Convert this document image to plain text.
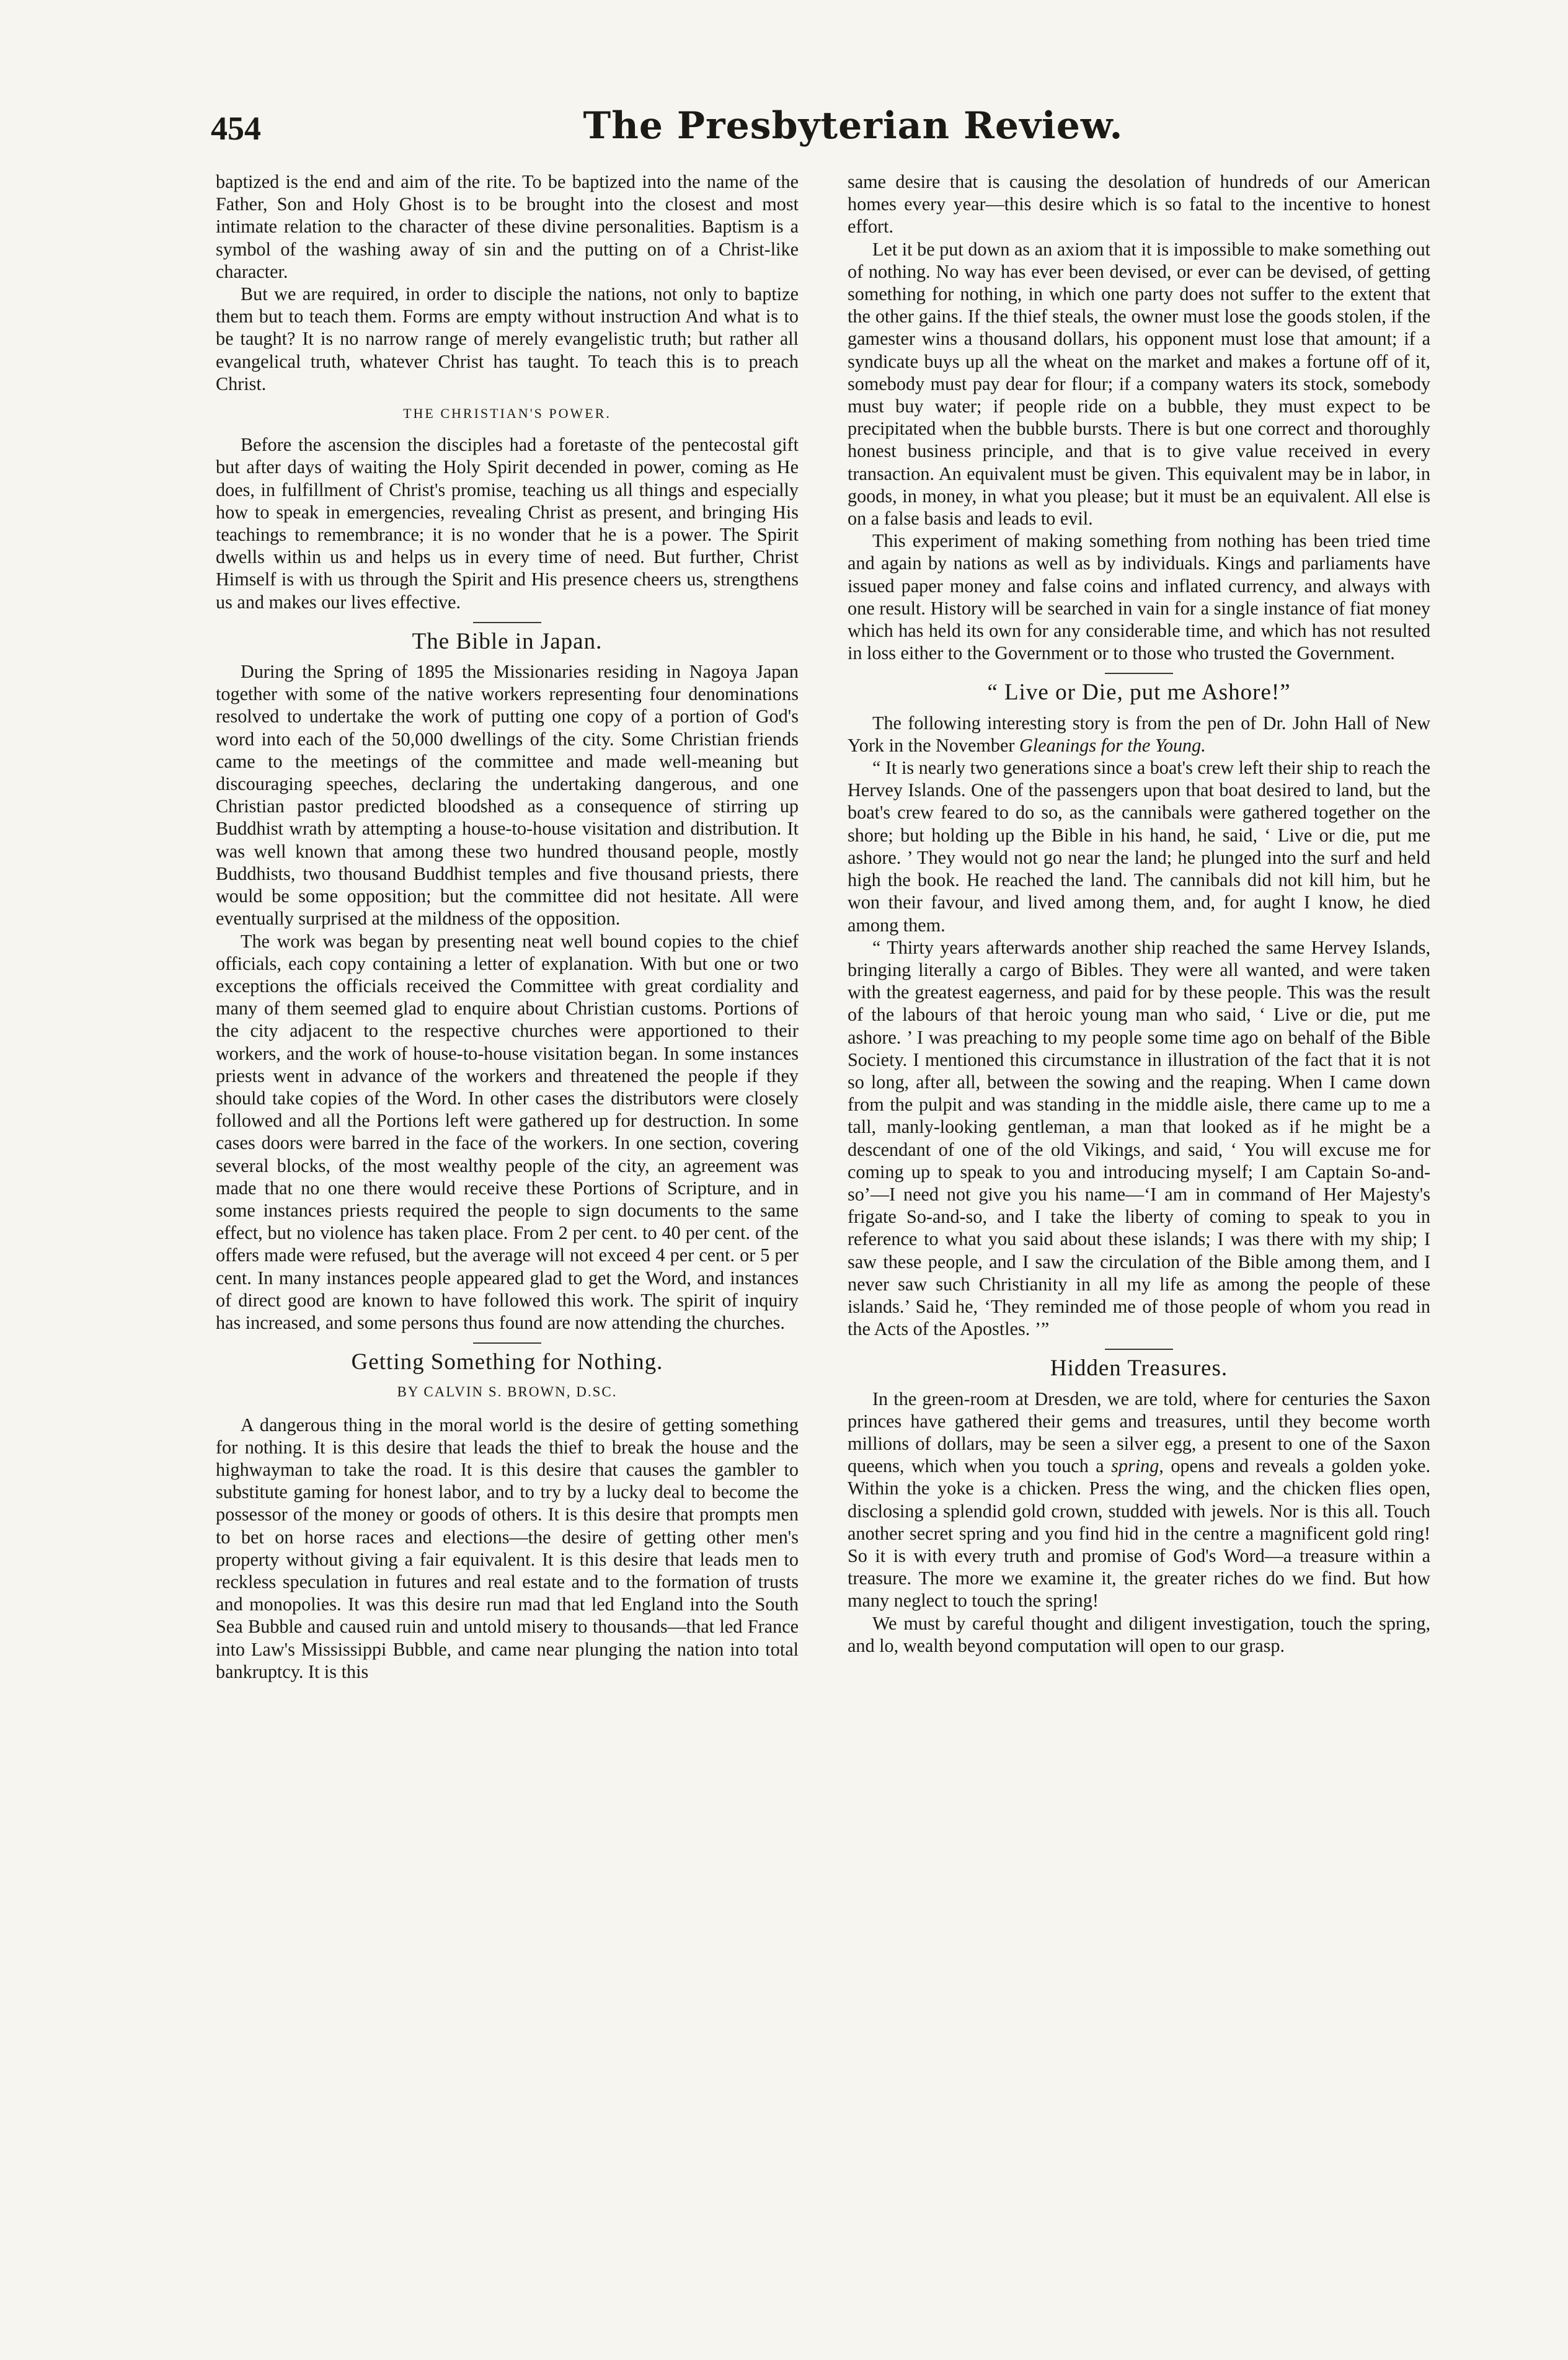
454	The Presbyterian Review.

baptized is the end and aim of the rite. To be baptized into the name of the Father, Son and Holy Ghost is to be brought into the closest and most intimate relation to the character of these divine personalities. Baptism is a symbol of the washing away of sin and the putting on of a Christ-like character.

But we are required, in order to disciple the nations, not only to baptize them but to teach them. Forms are empty without instruction And what is to be taught? It is no narrow range of merely evangelistic truth; but rather all evangelical truth, whatever Christ has taught. To teach this is to preach Christ.

THE CHRISTIAN'S POWER.

Before the ascension the disciples had a foretaste of the pentecostal gift but after days of waiting the Holy Spirit decended in power, coming as He does, in fulfillment of Christ's promise, teaching us all things and especially how to speak in emergencies, revealing Christ as present, and bringing His teachings to remembrance; it is no wonder that he is a power. The Spirit dwells within us and helps us in every time of need. But further, Christ Himself is with us through the Spirit and His presence cheers us, strengthens us and makes our lives effective.

The Bible in Japan.

During the Spring of 1895 the Missionaries residing in Nagoya Japan together with some of the native workers representing four denominations resolved to undertake the work of putting one copy of a portion of God's word into each of the 50,000 dwellings of the city. Some Christian friends came to the meetings of the committee and made well-meaning but discouraging speeches, declaring the undertaking dangerous, and one Christian pastor predicted bloodshed as a consequence of stirring up Buddhist wrath by attempting a house-to-house visitation and distribution. It was well known that among these two hundred thousand people, mostly Buddhists, two thousand Buddhist temples and five thousand priests, there would be some opposition; but the committee did not hesitate. All were eventually surprised at the mildness of the opposition.

The work was began by presenting neat well bound copies to the chief officials, each copy containing a letter of explanation. With but one or two exceptions the officials received the Committee with great cordiality and many of them seemed glad to enquire about Christian customs. Portions of the city adjacent to the respective churches were apportioned to their workers, and the work of house-to-house visitation began. In some instances priests went in advance of the workers and threatened the people if they should take copies of the Word. In other cases the distributors were closely followed and all the Portions left were gathered up for destruction. In some cases doors were barred in the face of the workers. In one section, covering several blocks, of the most wealthy people of the city, an agreement was made that no one there would receive these Portions of Scripture, and in some instances priests required the people to sign documents to the same effect, but no violence has taken place. From 2 per cent. to 40 per cent. of the offers made were refused, but the average will not exceed 4 per cent. or 5 per cent. In many instances people appeared glad to get the Word, and instances of direct good are known to have followed this work. The spirit of inquiry has increased, and some persons thus found are now attending the churches.

Getting Something for Nothing.
BY CALVIN S. BROWN, D.SC.

A dangerous thing in the moral world is the desire of getting something for nothing. It is this desire that leads the thief to break the house and the highwayman to take the road. It is this desire that causes the gambler to substitute gaming for honest labor, and to try by a lucky deal to become the possessor of the money or goods of others. It is this desire that prompts men to bet on horse races and elections—the desire of getting other men's property without giving a fair equivalent. It is this desire that leads men to reckless speculation in futures and real estate and to the formation of trusts and monopolies. It was this desire run mad that led England into the South Sea Bubble and caused ruin and untold misery to thousands—that led France into Law's Mississippi Bubble, and came near plunging the nation into total bankruptcy. It is this

same desire that is causing the desolation of hundreds of our American homes every year—this desire which is so fatal to the incentive to honest effort.

Let it be put down as an axiom that it is impossible to make something out of nothing. No way has ever been devised, or ever can be devised, of getting something for nothing, in which one party does not suffer to the extent that the other gains. If the thief steals, the owner must lose the goods stolen, if the gamester wins a thousand dollars, his opponent must lose that amount; if a syndicate buys up all the wheat on the market and makes a fortune off of it, somebody must pay dear for flour; if a company waters its stock, somebody must buy water; if people ride on a bubble, they must expect to be precipitated when the bubble bursts. There is but one correct and thoroughly honest business principle, and that is to give value received in every transaction. An equivalent must be given. This equivalent may be in labor, in goods, in money, in what you please; but it must be an equivalent. All else is on a false basis and leads to evil.

This experiment of making something from nothing has been tried time and again by nations as well as by individuals. Kings and parliaments have issued paper money and false coins and inflated currency, and always with one result. History will be searched in vain for a single instance of fiat money which has held its own for any considerable time, and which has not resulted in loss either to the Government or to those who trusted the Government.

“ Live or Die, put me Ashore!”

The following interesting story is from the pen of Dr. John Hall of New York in the November Gleanings for the Young.

“ It is nearly two generations since a boat's crew left their ship to reach the Hervey Islands. One of the passengers upon that boat desired to land, but the boat's crew feared to do so, as the cannibals were gathered together on the shore; but holding up the Bible in his hand, he said, ‘ Live or die, put me ashore. ’ They would not go near the land; he plunged into the surf and held high the book. He reached the land. The cannibals did not kill him, but he won their favour, and lived among them, and, for aught I know, he died among them.

“ Thirty years afterwards another ship reached the same Hervey Islands, bringing literally a cargo of Bibles. They were all wanted, and were taken with the greatest eagerness, and paid for by these people. This was the result of the labours of that heroic young man who said, ‘ Live or die, put me ashore. ’ I was preaching to my people some time ago on behalf of the Bible Society. I mentioned this circumstance in illustration of the fact that it is not so long, after all, between the sowing and the reaping. When I came down from the pulpit and was standing in the middle aisle, there came up to me a tall, manly-looking gentleman, a man that looked as if he might be a descendant of one of the old Vikings, and said, ‘ You will excuse me for coming up to speak to you and introducing myself; I am Captain So-and-so’—I need not give you his name—‘I am in command of Her Majesty's frigate So-and-so, and I take the liberty of coming to speak to you in reference to what you said about these islands; I was there with my ship; I saw these people, and I saw the circulation of the Bible among them, and I never saw such Christianity in all my life as among the people of these islands.’ Said he, ‘They reminded me of those people of whom you read in the Acts of the Apostles. ’”

Hidden Treasures.

In the green-room at Dresden, we are told, where for centuries the Saxon princes have gathered their gems and treasures, until they become worth millions of dollars, may be seen a silver egg, a present to one of the Saxon queens, which when you touch a spring, opens and reveals a golden yoke. Within the yoke is a chicken. Press the wing, and the chicken flies open, disclosing a splendid gold crown, studded with jewels. Nor is this all. Touch another secret spring and you find hid in the centre a magnificent gold ring! So it is with every truth and promise of God's Word—a treasure within a treasure. The more we examine it, the greater riches do we find. But how many neglect to touch the spring!

We must by careful thought and diligent investigation, touch the spring, and lo, wealth beyond computation will open to our grasp.
